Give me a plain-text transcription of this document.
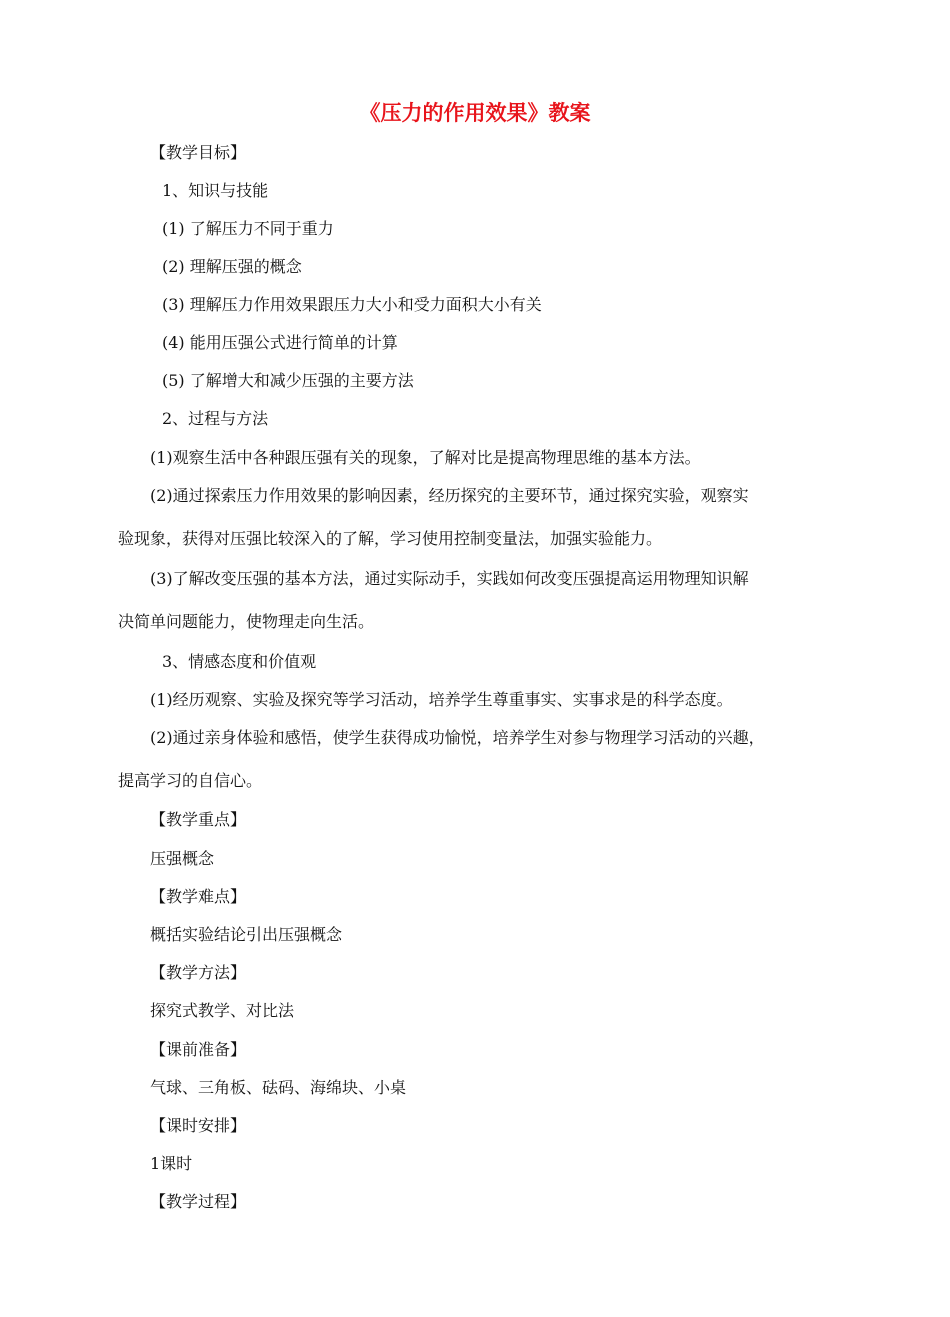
《压力的作用效果》教案
【教学目标】
1、知识与技能
(1) 了解压力不同于重力
(2) 理解压强的概念
(3) 理解压力作用效果跟压力大小和受力面积大小有关
(4) 能用压强公式进行简单的计算
(5) 了解增大和减少压强的主要方法
2、过程与方法
(1)观察生活中各种跟压强有关的现象，了解对比是提高物理思维的基本方法。
(2)通过探索压力作用效果的影响因素，经历探究的主要环节，通过探究实验，观察实
验现象，获得对压强比较深入的了解，学习使用控制变量法，加强实验能力。
(3)了解改变压强的基本方法，通过实际动手，实践如何改变压强提高运用物理知识解
决简单问题能力，使物理走向生活。
3、情感态度和价值观
(1)经历观察、实验及探究等学习活动，培养学生尊重事实、实事求是的科学态度。
(2)通过亲身体验和感悟，使学生获得成功愉悦，培养学生对参与物理学习活动的兴趣，
提高学习的自信心。
【教学重点】
压强概念
【教学难点】
概括实验结论引出压强概念
【教学方法】
探究式教学、对比法
【课前准备】
气球、三角板、砝码、海绵块、小桌
【课时安排】
1课时
【教学过程】
